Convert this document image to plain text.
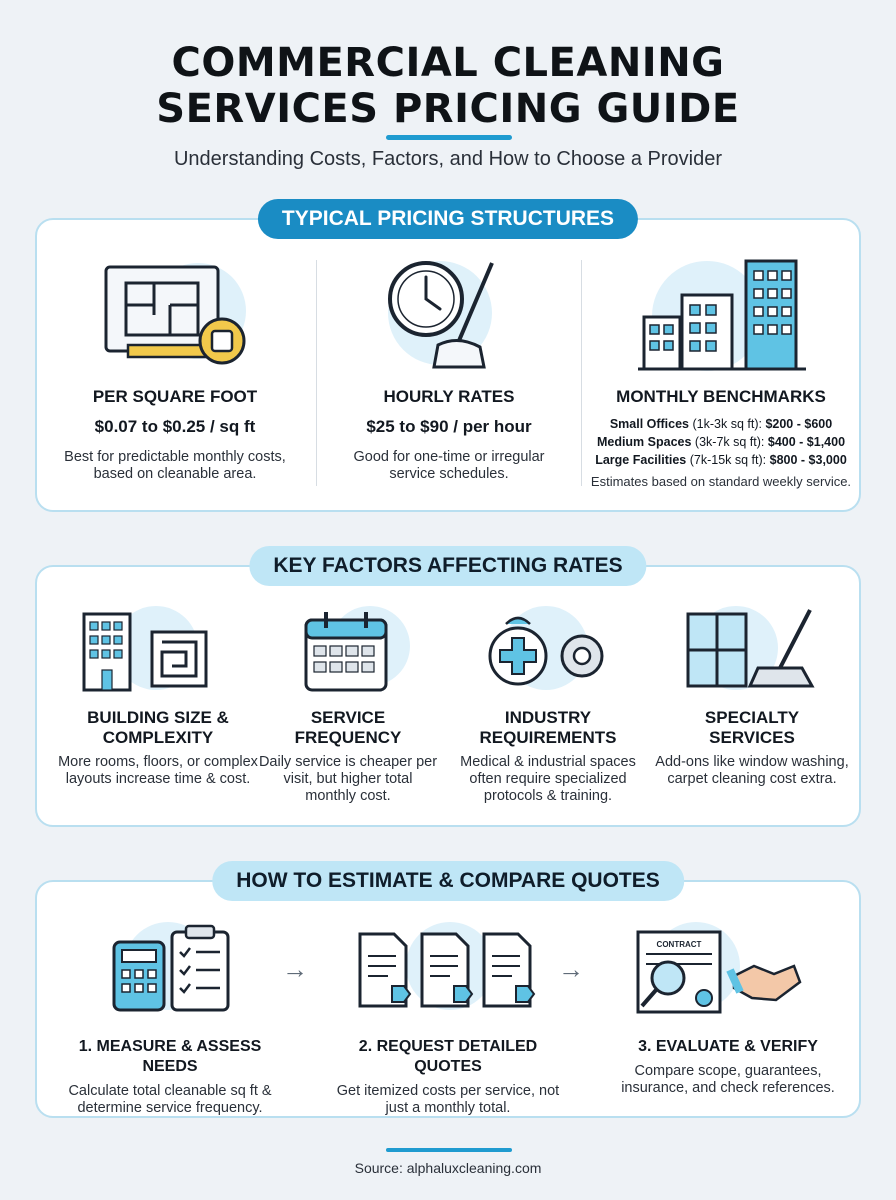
COMMERCIAL CLEANING
SERVICES PRICING GUIDE
Understanding Costs, Factors, and How to Choose a Provider
TYPICAL PRICING STRUCTURES
PER SQUARE FOOT
$0.07 to $0.25 / sq ft
Best for predictable monthly costs, based on cleanable area.
HOURLY RATES
$25 to $90 / per hour
Good for one-time or irregular service schedules.
MONTHLY BENCHMARKS
Small Offices (1k-3k sq ft): $200 - $600
Medium Spaces (3k-7k sq ft): $400 - $1,400
Large Facilities (7k-15k sq ft): $800 - $3,000
Estimates based on standard weekly service.
KEY FACTORS AFFECTING RATES
BUILDING SIZE &
COMPLEXITY
More rooms, floors, or complex layouts increase time & cost.
SERVICE
FREQUENCY
Daily service is cheaper per visit, but higher total monthly cost.
INDUSTRY
REQUIREMENTS
Medical & industrial spaces often require specialized protocols & training.
SPECIALTY
SERVICES
Add-ons like window washing, carpet cleaning cost extra.
HOW TO ESTIMATE & COMPARE QUOTES
1. MEASURE & ASSESS NEEDS
Calculate total cleanable sq ft & determine service frequency.
→
2. REQUEST DETAILED QUOTES
Get itemized costs per service, not just a monthly total.
→
CONTRACT
3. EVALUATE & VERIFY
Compare scope, guarantees, insurance, and check references.
Source: alphaluxcleaning.com
